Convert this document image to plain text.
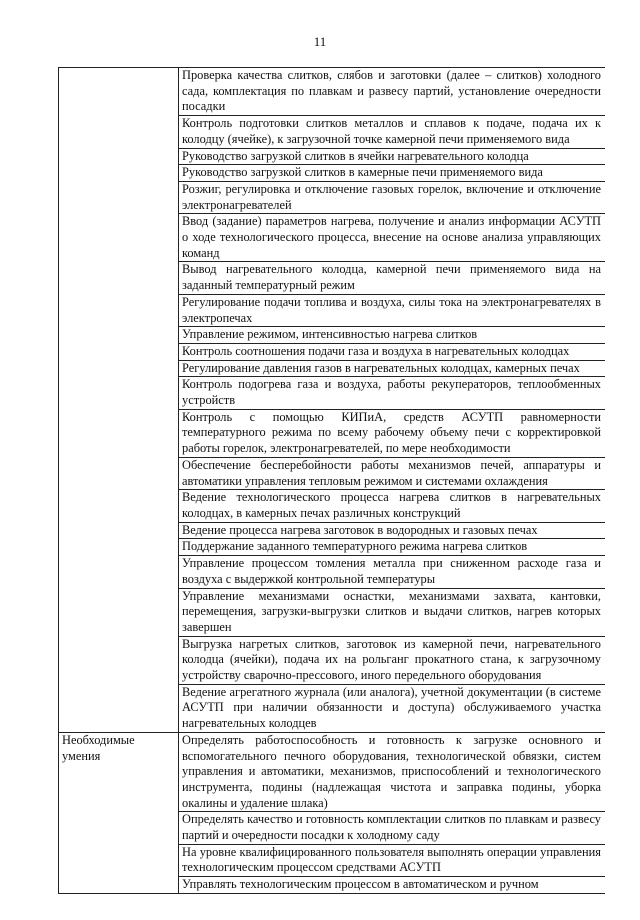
11
	Проверка качества слитков, слябов и заготовки (далее – слитков) холодного сада, комплектация по плавкам и развесу партий, установление очередности посадки
	Контроль подготовки слитков металлов и сплавов к подаче, подача их к колодцу (ячейке), к загрузочной точке камерной печи применяемого вида
	Руководство загрузкой слитков в ячейки нагревательного колодца
	Руководство загрузкой слитков в камерные печи применяемого вида
	Розжиг, регулировка и отключение газовых горелок, включение и отключение электронагревателей
	Ввод (задание) параметров нагрева, получение и анализ информации АСУТП о ходе технологического процесса, внесение на основе анализа управляющих команд
	Вывод нагревательного колодца, камерной печи применяемого вида на заданный температурный режим
	Регулирование подачи топлива и воздуха, силы тока на электронагревателях в электропечах
	Управление режимом, интенсивностью нагрева слитков
	Контроль соотношения подачи газа и воздуха в нагревательных колодцах
	Регулирование давления газов в нагревательных колодцах, камерных печах
	Контроль подогрева газа и воздуха, работы рекуператоров, теплообменных устройств
	Контроль с помощью КИПиА, средств АСУТП равномерности температурного режима по всему рабочему объему печи с корректировкой работы горелок, электронагревателей, по мере необходимости
	Обеспечение бесперебойности работы механизмов печей, аппаратуры и автоматики управления тепловым режимом и системами охлаждения
	Ведение технологического процесса нагрева слитков в нагревательных колодцах, в камерных печах различных конструкций
	Ведение процесса нагрева заготовок в водородных и газовых печах
	Поддержание заданного температурного режима нагрева слитков
	Управление процессом томления металла при сниженном расходе газа и воздуха с выдержкой контрольной температуры
	Управление механизмами оснастки, механизмами захвата, кантовки, перемещения, загрузки-выгрузки слитков и выдачи слитков, нагрев которых завершен
	Выгрузка нагретых слитков, заготовок из камерной печи, нагревательного колодца (ячейки), подача их на рольганг прокатного стана, к загрузочному устройству сварочно-прессового, иного передельного оборудования
	Ведение агрегатного журнала (или аналога), учетной документации (в системе АСУТП при наличии обязанности и доступа) обслуживаемого участка нагревательных колодцев
Необходимые умения	Определять работоспособность и готовность к загрузке основного и вспомогательного печного оборудования, технологической обвязки, систем управления и автоматики, механизмов, приспособлений и технологического инструмента, подины (надлежащая чистота и заправка подины, уборка окалины и удаление шлака)
	Определять качество и готовность комплектации слитков по плавкам и развесу партий и очередности посадки к холодному саду
	На уровне квалифицированного пользователя выполнять операции управления технологическим процессом средствами АСУТП
	Управлять технологическим процессом в автоматическом и ручном
